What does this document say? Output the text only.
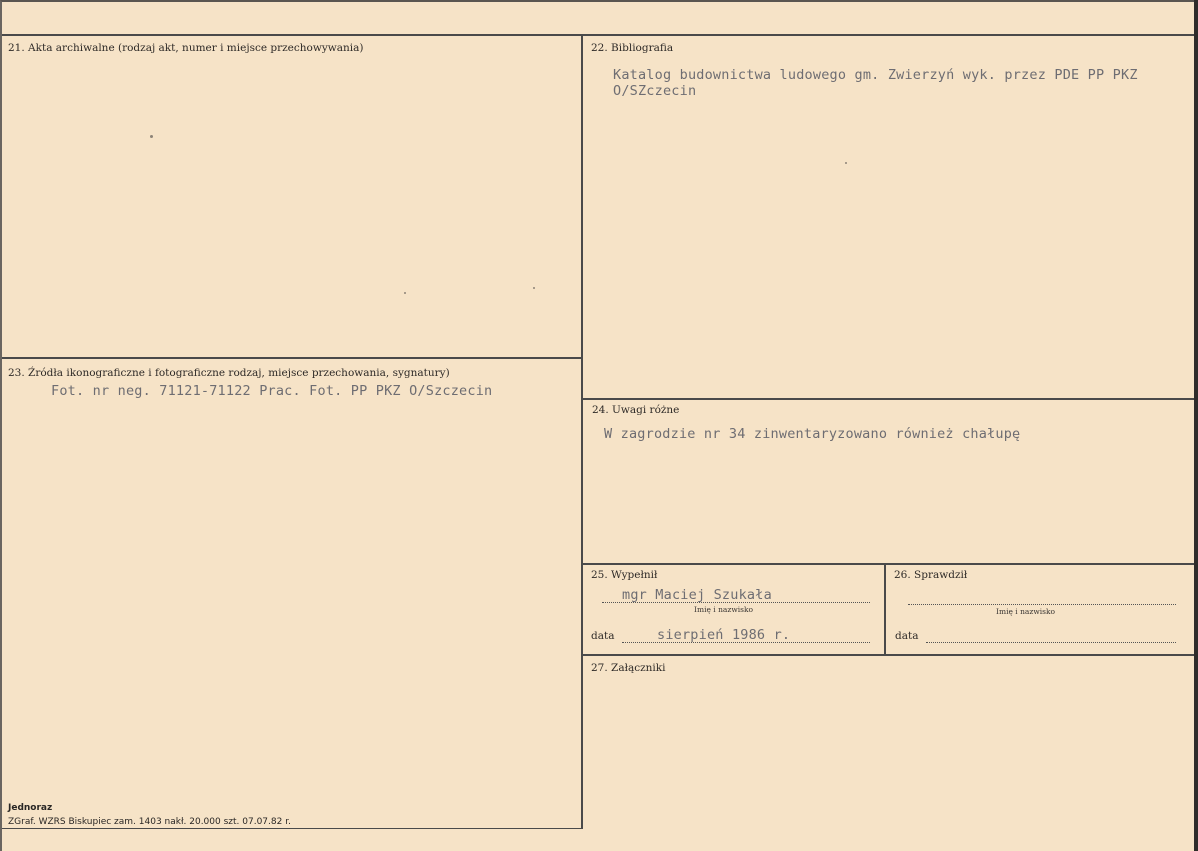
21. Akta archiwalne (rodzaj akt, numer i miejsce przechowywania)	22. Bibliografia
Katalog budownictwa ludowego gm. Zwierzyń wyk. przez PDE PP PKZ
O/SZczecin
23. Źródła ikonograficzne i fotograficzne rodzaj, miejsce przechowania, sygnatury)
Fot. nr neg. 71121-71122 Prac. Fot. PP PKZ O/Szczecin
24. Uwagi różne
W zagrodzie nr 34 zinwentaryzowano również chałupę
25. Wypełnił
mgr Maciej Szukała
Imię i nazwisko
data	sierpień 1986 r.
26. Sprawdził
Imię i nazwisko
data
27. Załączniki
Jednoraz
ZGraf. WZRS Biskupiec zam. 1403 nakł. 20.000 szt. 07.07.82 r.
